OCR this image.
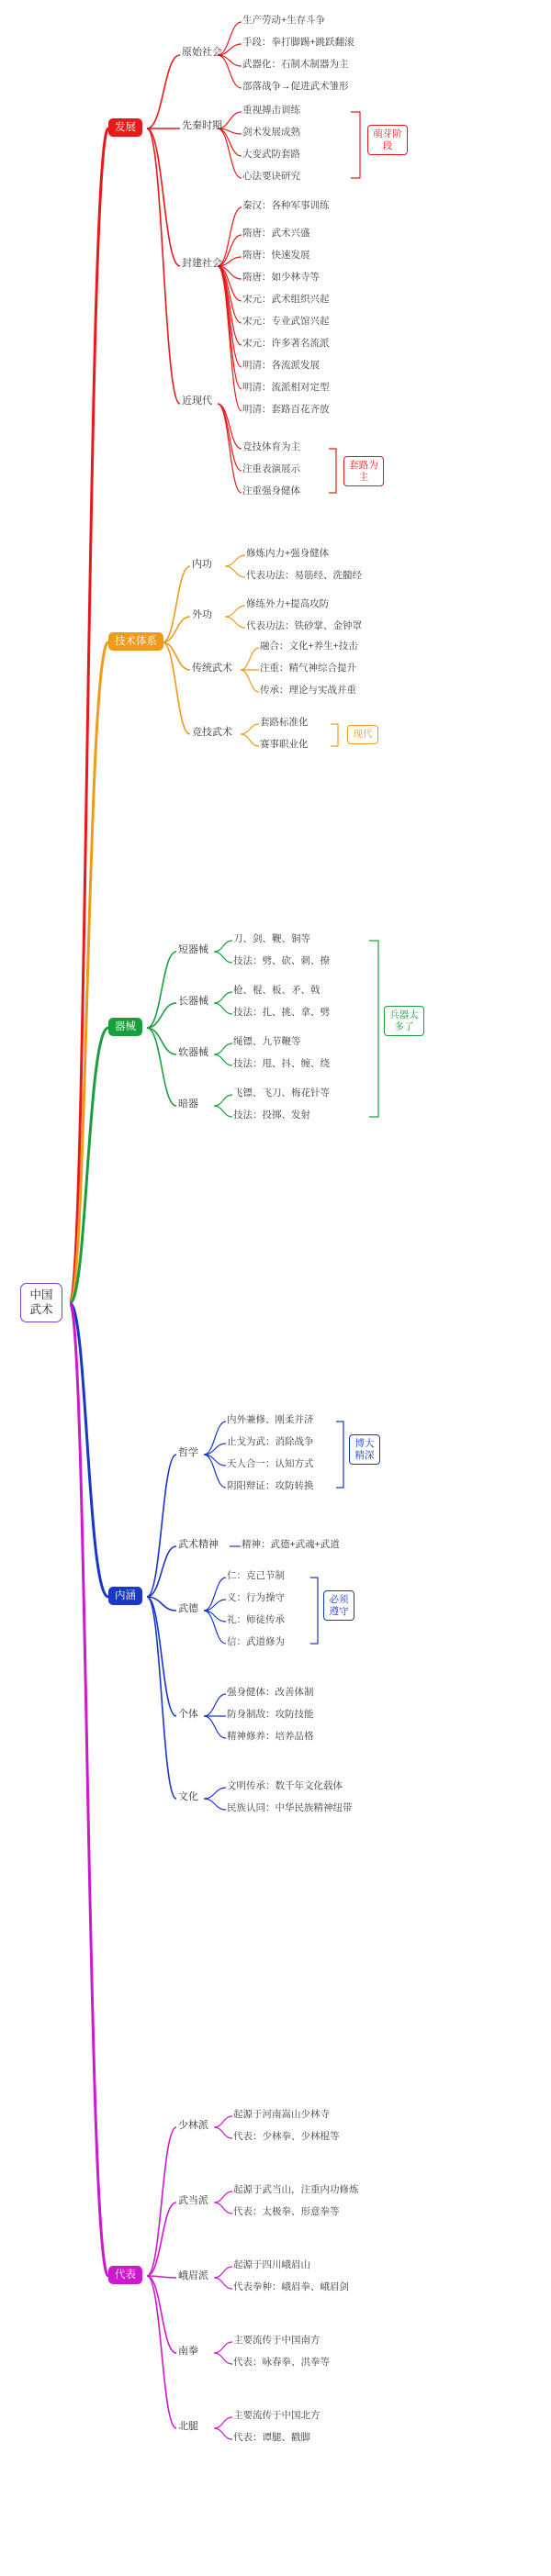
中国武术
发展
原始社会
生产劳动+生存斗争
手段：拳打脚踢+跳跃翻滚
武器化：石制木制器为主
部落战争→促进武术雏形
先秦时期
重视搏击训练
剑术发展成熟
大变武防套路
心法要诀研究
萌芽阶段
封建社会
秦汉：各种军事训练
隋唐：武术兴盛
隋唐：快速发展
隋唐：如少林寺等
宋元：武术组织兴起
宋元：专业武馆兴起
宋元：许多著名流派
明清：各流派发展
明清：流派相对定型
明清：套路百花齐放
近现代
竞技体育为主
注重表演展示
注重强身健体
套路为主
技术体系
内功
修炼内力+强身健体
代表功法：易筋经、洗髓经
外功
修练外力+提高攻防
代表功法：铁砂掌、金钟罩
传统武术
融合：文化+养生+技击
注重：精气神综合提升
传承：理论与实战并重
竞技武术
套路标准化
赛事职业化
现代
器械
短器械
刀、剑、鞭、铜等
技法：劈、砍、刺、撩
长器械
枪、棍、板、矛、戟
技法：扎、挑、拿、劈
软器械
绳镖、九节鞭等
技法：甩、抖、缠、绕
暗器
飞镖、飞刀、梅花针等
技法：投掷、发射
兵器太多了
内涵
哲学
内外兼修、刚柔并济
止戈为武：消除战争
天人合一：认知方式
阴阳辩证：攻防转换
博大精深
武术精神 精神：武德+武魂+武道
武德
仁：克己节制
义：行为操守
礼：师徒传承
信：武道修为
必须遵守
个体
强身健体：改善体制
防身制敌：攻防技能
精神修养：培养品格
文化
文明传承：数千年文化载体
民族认同：中华民族精神纽带
代表
少林派
起源于河南嵩山少林寺
代表：少林拳、少林棍等
武当派
起源于武当山，注重内功修炼
代表：太极拳、形意拳等
峨眉派
起源于四川峨眉山
代表拳种：峨眉拳、峨眉剑
南拳
主要流传于中国南方
代表：咏春拳、洪拳等
北腿
主要流传于中国北方
代表：谭腿、戳脚
